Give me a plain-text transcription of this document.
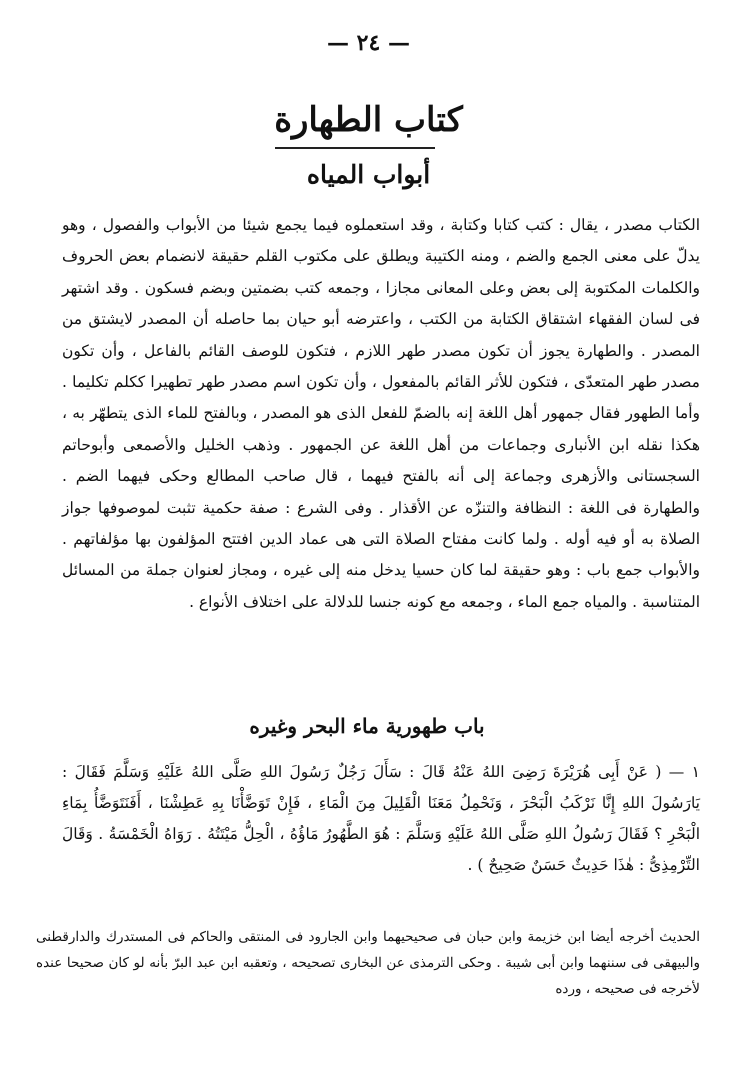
— ٢٤ —
كتاب الطهارة
أبواب المياه

الكتاب مصدر ، يقال : كتب كتابا وكتابة ، وقد استعملوه فيما يجمع شيئا من الأبواب والفصول ، وهو يدلّ على معنى الجمع والضم ، ومنه الكتيبة ويطلق على مكتوب القلم حقيقة لانضمام بعض الحروف والكلمات المكتوبة إلى بعض وعلى المعانى مجازا ، وجمعه كتب بضمتين وبضم فسكون . وقد اشتهر فى لسان الفقهاء اشتقاق الكتابة من الكتب ، واعترضه أبو حيان بما حاصله أن المصدر لايشتق من المصدر . والطهارة يجوز أن تكون مصدر طهر اللازم ، فتكون للوصف القائم بالفاعل ، وأن تكون مصدر طهر المتعدّى ، فتكون للأثر القائم بالمفعول ، وأن تكون اسم مصدر طهر تطهيرا ككلم تكليما . وأما الطهور فقال جمهور أهل اللغة إنه بالضمّ للفعل الذى هو المصدر ، وبالفتح للماء الذى يتطهّر به ، هكذا نقله ابن الأنبارى وجماعات من أهل اللغة عن الجمهور . وذهب الخليل والأصمعى وأبوحاتم السجستانى والأزهرى وجماعة إلى أنه بالفتح فيهما ، قال صاحب المطالع وحكى فيهما الضم . والطهارة فى اللغة : النظافة والتنزّه عن الأقذار . وفى الشرع : صفة حكمية تثبت لموصوفها جواز الصلاة به أو فيه أوله . ولما كانت مفتاح الصلاة التى هى عماد الدين افتتح المؤلفون بها مؤلفاتهم . والأبواب جمع باب : وهو حقيقة لما كان حسيا يدخل منه إلى غيره ، ومجاز لعنوان جملة من المسائل المتناسبة . والمياه جمع الماء ، وجمعه مع كونه جنسا للدلالة على اختلاف الأنواع .

باب طهورية ماء البحر وغيره

١ — ( عَنْ أَبِى هُرَيْرَةَ رَضِىَ اللهُ عَنْهُ قَالَ : سَأَلَ رَجُلٌ رَسُولَ اللهِ صَلَّى اللهُ عَلَيْهِ وَسَلَّمَ فَقَالَ : يَارَسُولَ اللهِ إِنَّا نَرْكَبُ الْبَحْرَ ، وَنَحْمِلُ مَعَنَا الْقَلِيلَ مِنَ الْمَاءِ ، فَإِنْ تَوَضَّأْنَا بِهِ عَطِشْنَا ، أَفَنَتَوَضَّأُ بِمَاءِ الْبَحْرِ ؟ فَقَالَ رَسُولُ اللهِ صَلَّى اللهُ عَلَيْهِ وَسَلَّمَ : هُوَ الطَّهُورُ مَاؤُهُ ، الْحِلُّ مَيْتَتُهُ . رَوَاهُ الْخَمْسَةُ . وَقَالَ التِّرْمِذِىُّ : هٰذَا حَدِيثٌ حَسَنٌ صَحِيحٌ ) .

الحديث أخرجه أيضا ابن خزيمة وابن حبان فى صحيحيهما وابن الجارود فى المنتقى والحاكم فى المستدرك والدارقطنى والبيهقى فى سننهما وابن أبى شيبة . وحكى الترمذى عن البخارى تصحيحه ، وتعقبه ابن عبد البرّ بأنه لو كان صحيحا عنده لأخرجه فى صحيحه ، ورده
